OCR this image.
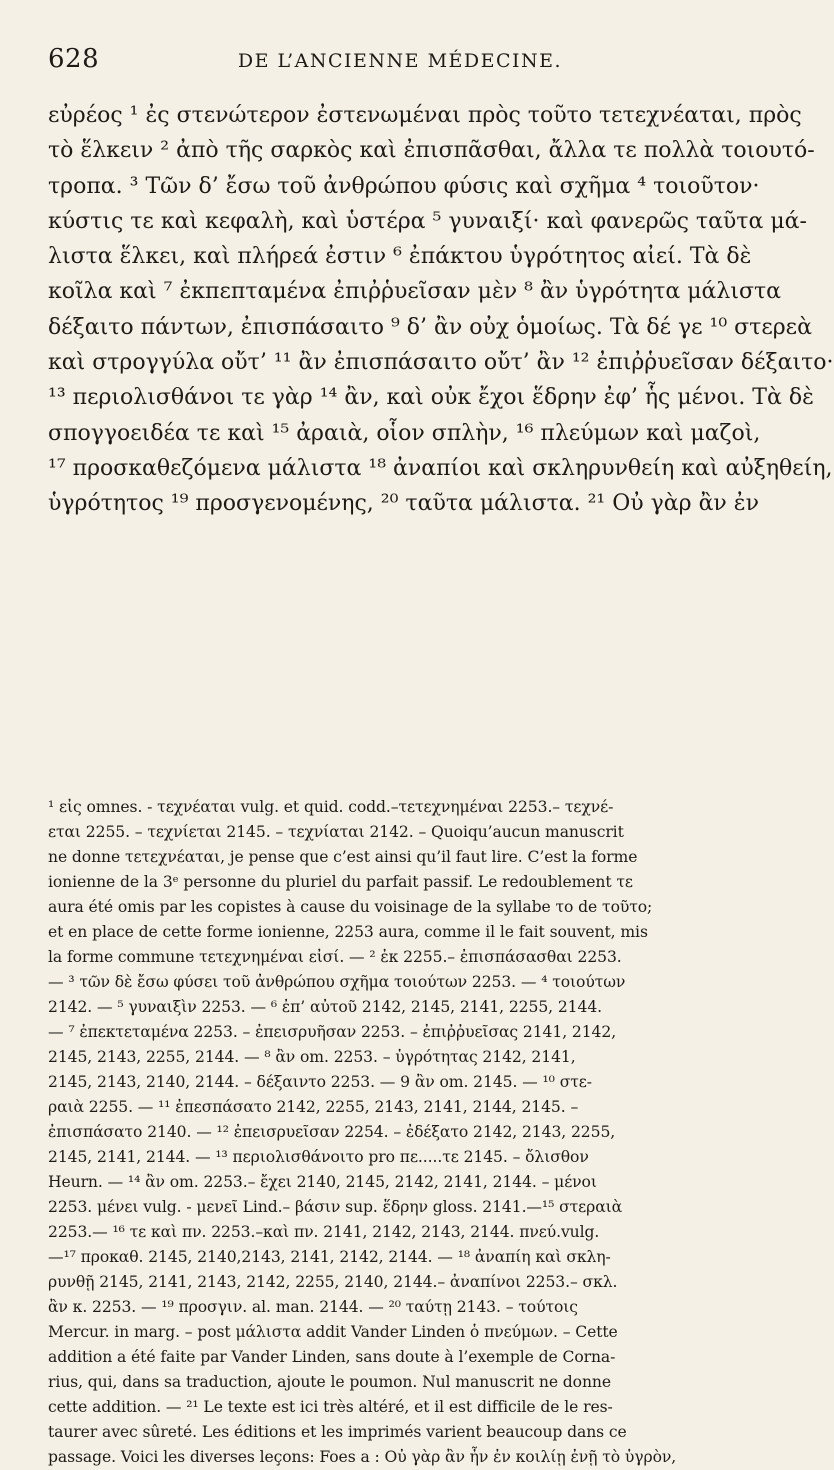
628	DE L’ANCIENNE MÉDECINE.

εὐρέος ¹ ἐς στενώτερον ἐστενωμέναι πρὸς τοῦτο τετεχνέαται, πρὸς
τὸ ἕλκειν ² ἀπὸ τῆς σαρκὸς καὶ ἐπισπᾶσθαι, ἄλλα τε πολλὰ τοιουτό-
τροπα. ³ Τῶν δ’ ἔσω τοῦ ἀνθρώπου φύσις καὶ σχῆμα ⁴ τοιοῦτον·
κύστις τε καὶ κεφαλὴ, καὶ ὑστέρα ⁵ γυναιξί· καὶ φανερῶς ταῦτα μά-
λιστα ἕλκει, καὶ πλήρεά ἐστιν ⁶ ἐπάκτου ὑγρότητος αἰεί. Τὰ δὲ
κοῖλα καὶ ⁷ ἐκπεπταμένα ἐπιῤῥυεῖσαν μὲν ⁸ ἂν ὑγρότητα μάλιστα
δέξαιτο πάντων, ἐπισπάσαιτο ⁹ δ’ ἂν οὐχ ὁμοίως. Τὰ δέ γε ¹⁰ στερεὰ
καὶ στρογγύλα οὔτ’ ¹¹ ἂν ἐπισπάσαιτο οὔτ’ ἂν ¹² ἐπιῤῥυεῖσαν δέξαιτο·
¹³ περιολισθάνοι τε γὰρ ¹⁴ ἂν, καὶ οὐκ ἔχοι ἕδρην ἐφ’ ἧς μένοι. Τὰ δὲ
σπογγοειδέα τε καὶ ¹⁵ ἀραιὰ, οἷον σπλὴν, ¹⁶ πλεύμων καὶ μαζοὶ,
¹⁷ προσκαθεζόμενα μάλιστα ¹⁸ ἀναπίοι καὶ σκληρυνθείη καὶ αὐξηθείη,
ὑγρότητος ¹⁹ προσγενομένης, ²⁰ ταῦτα μάλιστα. ²¹ Οὐ γὰρ ἂν ἐν

¹ εἰς omnes. - τεχνέαται vulg. et quid. codd.–τετεχνημέναι 2253.– τεχνέ-
εται 2255. – τεχνίεται 2145. – τεχνίαται 2142. – Quoiqu’aucun manuscrit
ne donne τετεχνέαται, je pense que c’est ainsi qu’il faut lire. C’est la forme
ionienne de la 3ᵉ personne du pluriel du parfait passif. Le redoublement τε
aura été omis par les copistes à cause du voisinage de la syllabe το de τοῦτο;
et en place de cette forme ionienne, 2253 aura, comme il le fait souvent, mis
la forme commune τετεχνημέναι εἰσί. — ² ἐκ 2255.– ἐπισπάσασθαι 2253.
— ³ τῶν δὲ ἔσω φύσει τοῦ ἀνθρώπου σχῆμα τοιούτων 2253. — ⁴ τοιούτων
2142. — ⁵ γυναιξὶν 2253. — ⁶ ἐπ’ αὐτοῦ 2142, 2145, 2141, 2255, 2144.
— ⁷ ἐπεκτεταμένα 2253. – ἐπεισρυῆσαν 2253. – ἐπιῤῥυεῖσας 2141, 2142,
2145, 2143, 2255, 2144. — ⁸ ἂν om. 2253. – ὑγρότητας 2142, 2141,
2145, 2143, 2140, 2144. – δέξαιντο 2253. — 9 ἂν om. 2145. — ¹⁰ στε-
ραιὰ 2255. — ¹¹ ἐπεσπάσατο 2142, 2255, 2143, 2141, 2144, 2145. –
ἐπισπάσατο 2140. — ¹² ἐπεισρυεῖσαν 2254. – ἐδέξατο 2142, 2143, 2255,
2145, 2141, 2144. — ¹³ περιολισθάνοιτο pro πε.....τε 2145. – ὄλισθον
Heurn. — ¹⁴ ἂν om. 2253.– ἔχει 2140, 2145, 2142, 2141, 2144. – μένοι
2253. μένει vulg. - μενεῖ Lind.– βάσιν sup. ἕδρην gloss. 2141.—¹⁵ στεραιὰ
2253.— ¹⁶ τε καὶ πν. 2253.–καὶ πν. 2141, 2142, 2143, 2144. πνεύ.vulg.
—¹⁷ προκαθ. 2145, 2140,2143, 2141, 2142, 2144. — ¹⁸ ἀναπίη καὶ σκλη-
ρυνθῇ 2145, 2141, 2143, 2142, 2255, 2140, 2144.– ἀναπίνοι 2253.– σκλ.
ἂν κ. 2253. — ¹⁹ προσγιν. al. man. 2144. — ²⁰ ταύτῃ 2143. – τούτοις
Mercur. in marg. – post μάλιστα addit Vander Linden ὁ πνεύμων. – Cette
addition a été faite par Vander Linden, sans doute à l’exemple de Corna-
rius, qui, dans sa traduction, ajoute le poumon. Nul manuscrit ne donne
cette addition. — ²¹ Le texte est ici très altéré, et il est difficile de le res-
taurer avec sûreté. Les éditions et les imprimés varient beaucoup dans ce
passage. Voici les diverses leçons: Foes a : Οὐ γὰρ ἂν ἦν ἐν κοιλίῃ ἐνῇ τὸ ὑγρὸν,
